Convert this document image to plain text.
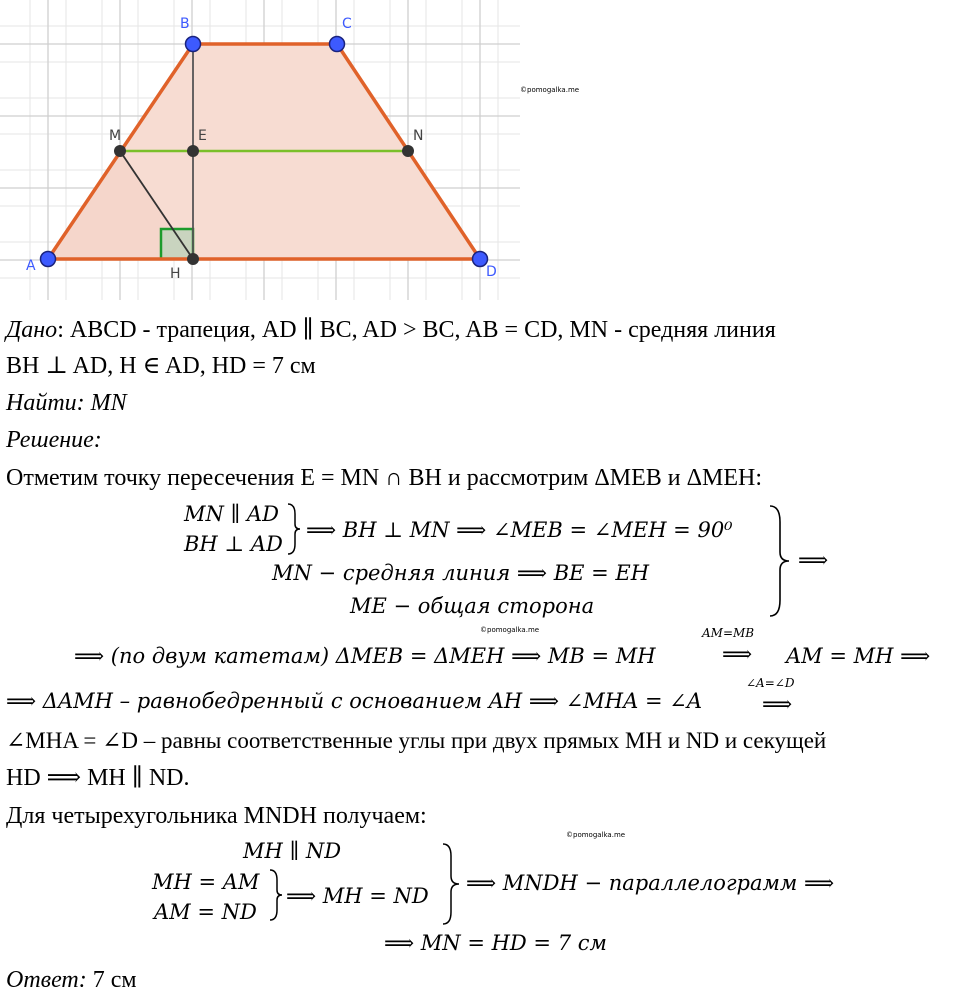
B	C
M	E	N
A	H	D
©pomogalka.me
Дано: ABCD - трапеция, AD ∥ BC, AD > BC, AB = CD, MN - средняя линия
BH ⊥ AD, H ∈ AD, HD = 7 см
Найти: MN
Решение:
Отметим точку пересечения E = MN ∩ BH и рассмотрим ΔMEB и ΔMEH:
MN ∥ AD
BH ⊥ AD
⟹ BH ⊥ MN ⟹ ∠MEB = ∠MEH = 90⁰
MN − средняя линия ⟹ BE = EH
ME − общая сторона
⟹
©pomogalka.me
⟹ (по двум катетам) ΔMEB = ΔMEH ⟹ MB = MH
AM=MB
⟹ AM = MH ⟹
⟹ ΔAMH – равнобедренный с основанием AH ⟹ ∠MHA = ∠A
∠A=∠D
⟹
∠MHA = ∠D – равны соответственные углы при двух прямых MH и ND и секущей
HD ⟹ MH ∥ ND.
Для четырехугольника MNDH получаем:
©pomogalka.me
MH ∥ ND
MH = AM
AM = ND
⟹ MH = ND
⟹ MNDH − параллелограмм ⟹
⟹ MN = HD = 7 см
Ответ: 7 см
